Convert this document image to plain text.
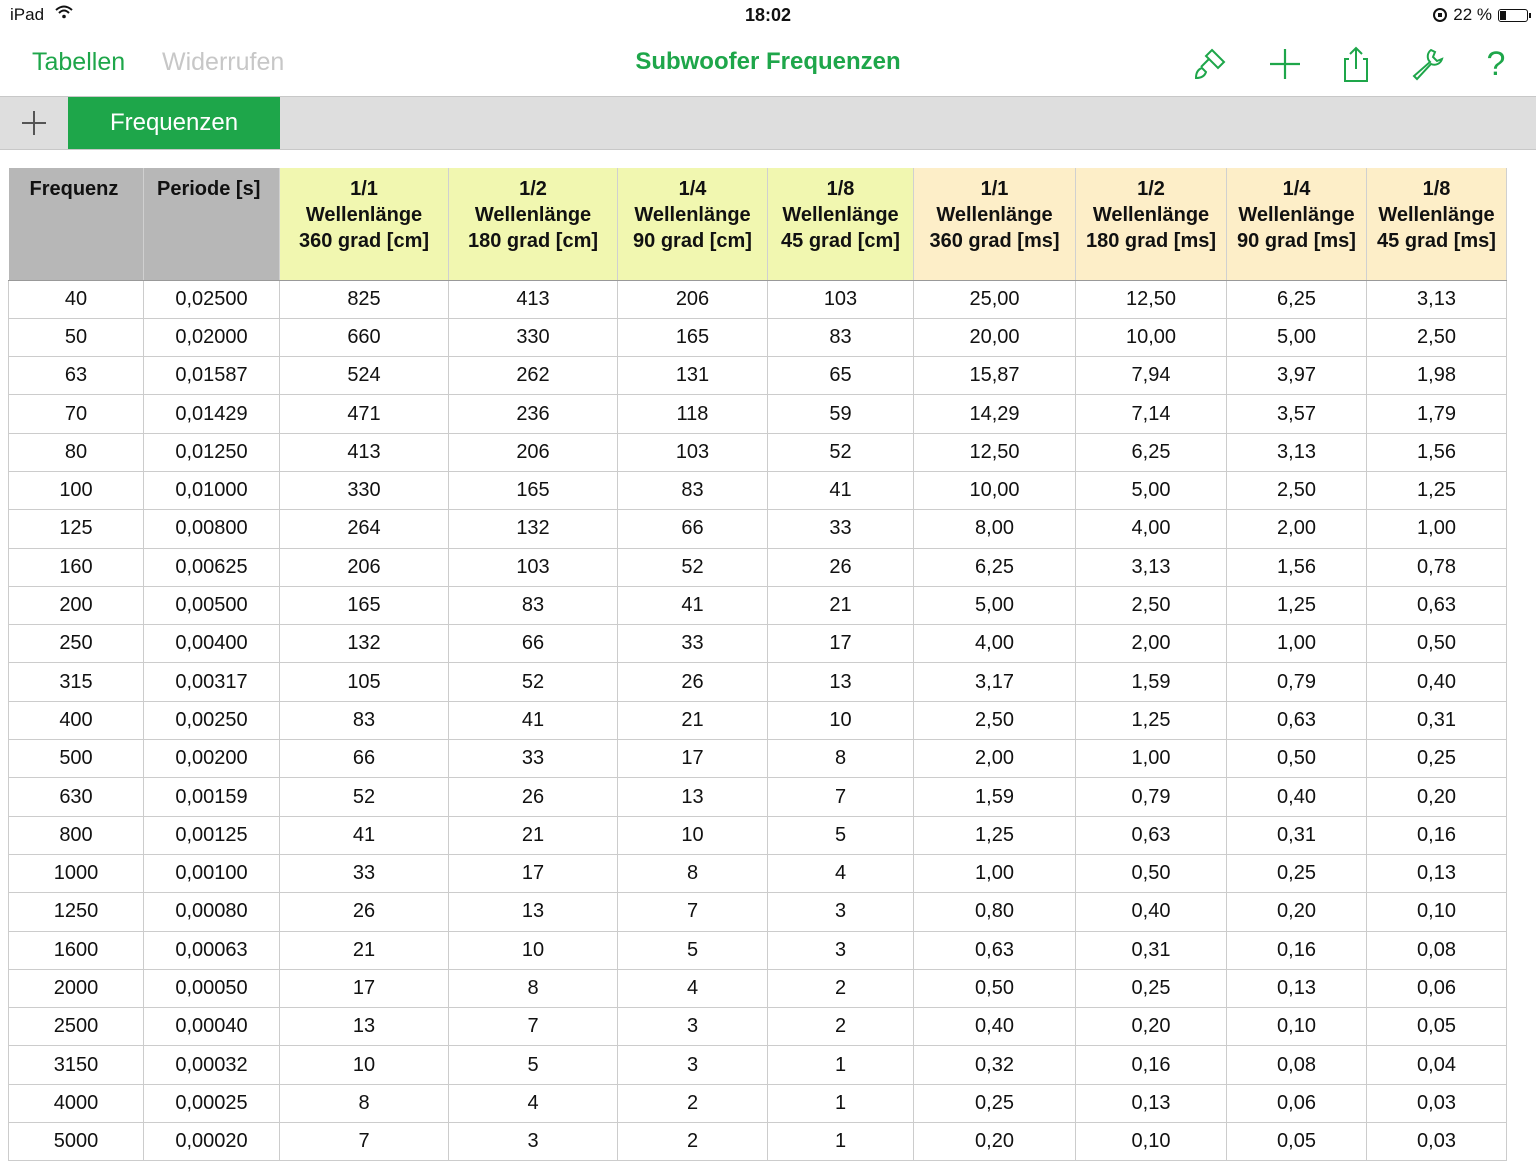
iPad	18:02	22 %
Tabellen Widerrufen	Subwoofer Frequenzen	?
Frequenzen
Frequenz	Periode [s]	1/1
Wellenlänge
360 grad [cm]	1/2
Wellenlänge
180 grad [cm]	1/4
Wellenlänge
90 grad [cm]	1/8
Wellenlänge
45 grad [cm]	1/1
Wellenlänge
360 grad [ms]	1/2
Wellenlänge
180 grad [ms]	1/4
Wellenlänge
90 grad [ms]	1/8
Wellenlänge
45 grad [ms]

40	0,02500	825	413	206	103	25,00	12,50	6,25	3,13
50	0,02000	660	330	165	83	20,00	10,00	5,00	2,50
63	0,01587	524	262	131	65	15,87	7,94	3,97	1,98
70	0,01429	471	236	118	59	14,29	7,14	3,57	1,79
80	0,01250	413	206	103	52	12,50	6,25	3,13	1,56
100	0,01000	330	165	83	41	10,00	5,00	2,50	1,25
125	0,00800	264	132	66	33	8,00	4,00	2,00	1,00
160	0,00625	206	103	52	26	6,25	3,13	1,56	0,78
200	0,00500	165	83	41	21	5,00	2,50	1,25	0,63
250	0,00400	132	66	33	17	4,00	2,00	1,00	0,50
315	0,00317	105	52	26	13	3,17	1,59	0,79	0,40
400	0,00250	83	41	21	10	2,50	1,25	0,63	0,31
500	0,00200	66	33	17	8	2,00	1,00	0,50	0,25
630	0,00159	52	26	13	7	1,59	0,79	0,40	0,20
800	0,00125	41	21	10	5	1,25	0,63	0,31	0,16
1000	0,00100	33	17	8	4	1,00	0,50	0,25	0,13
1250	0,00080	26	13	7	3	0,80	0,40	0,20	0,10
1600	0,00063	21	10	5	3	0,63	0,31	0,16	0,08
2000	0,00050	17	8	4	2	0,50	0,25	0,13	0,06
2500	0,00040	13	7	3	2	0,40	0,20	0,10	0,05
3150	0,00032	10	5	3	1	0,32	0,16	0,08	0,04
4000	0,00025	8	4	2	1	0,25	0,13	0,06	0,03
5000	0,00020	7	3	2	1	0,20	0,10	0,05	0,03
